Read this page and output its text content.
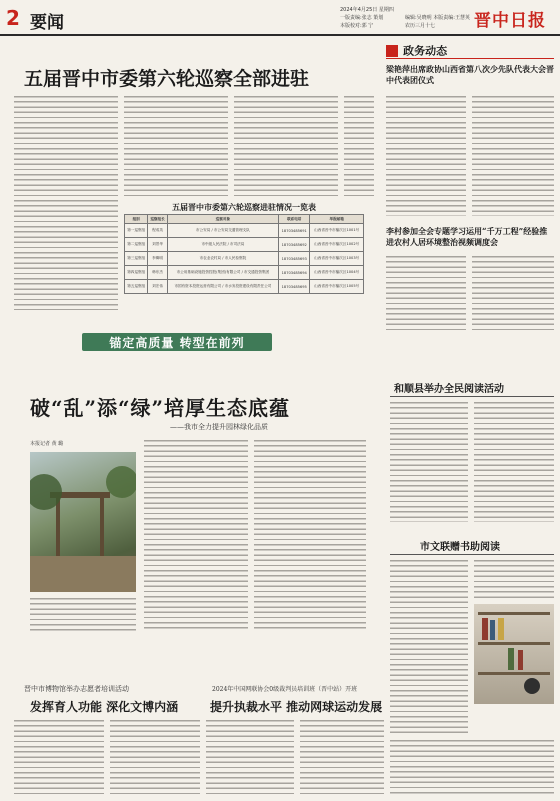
2 要闻
2024年4月25日 星期四
一版责编:张志 策划
本版校对:郭 宁
编辑:吴晓明 本版责编:王慧英
农历三月十七 晋中日报
五届晋中市委第六轮巡察全部进驻
五届晋中市委第六轮巡察进驻情况一览表
组别	巡察组长	巡察对象	联系电话	举报邮箱
第一巡察组	程成英	市公安局 / 市公安局交通管理支队	18703485691	山西省晋中市榆次区1001号
第二巡察组	刘景华	市中级人民法院 / 市司法局	18703485692	山西省晋中市榆次区1002号
第三巡察组	李卿明	市农业农村局 / 市人民检察院	18703485693	山西省晋中市榆次区1003号
第四巡察组	韩东杰	市公用基础设施投资控股(集团)有限公司 / 市交通投资集团	18703485694	山西省晋中市榆次区1004号
第五巡察组	刘宏伟	市国有资本投资运营有限公司 / 市水务投资建设有限责任公司	18703485695	山西省晋中市榆次区1005号
政务动态
梁艳萍出席政协山西省第八次少先队代表大会晋中代表团仪式
李村参加全会专题学习运用“千万工程”经验推进农村人居环境整治视频调度会
锚定高质量 转型在前列
破“乱”添“绿”培厚生态底蕴
——我市全力提升园林绿化品质
本报记者 黄 璐
和顺县举办全民阅读活动
市文联赠书助阅读
晋中市博物馆举办志愿者培训活动
发挥育人功能 深化文博内涵
2024年中国网联协会0级裁判员培训班（晋中站）开班
提升执裁水平 推动网球运动发展
